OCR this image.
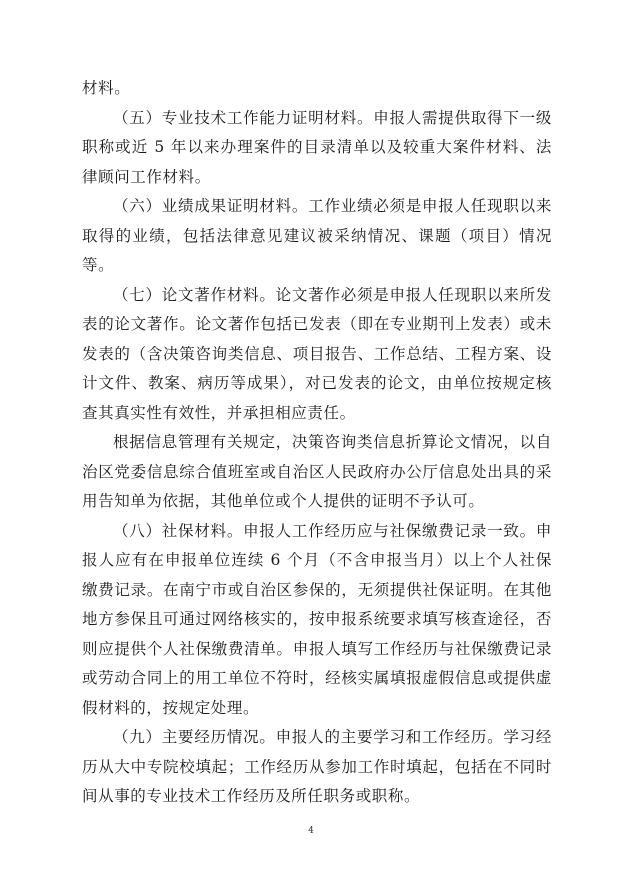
材料。

（五）专业技术工作能力证明材料。申报人需提供取得下一级职称或近 5 年以来办理案件的目录清单以及较重大案件材料、法律顾问工作材料。

（六）业绩成果证明材料。工作业绩必须是申报人任现职以来取得的业绩，包括法律意见建议被采纳情况、课题（项目）情况等。

（七）论文著作材料。论文著作必须是申报人任现职以来所发表的论文著作。论文著作包括已发表（即在专业期刊上发表）或未发表的（含决策咨询类信息、项目报告、工作总结、工程方案、设计文件、教案、病历等成果），对已发表的论文，由单位按规定核查其真实性有效性，并承担相应责任。

根据信息管理有关规定，决策咨询类信息折算论文情况，以自治区党委信息综合值班室或自治区人民政府办公厅信息处出具的采用告知单为依据，其他单位或个人提供的证明不予认可。

（八）社保材料。申报人工作经历应与社保缴费记录一致。申报人应有在申报单位连续 6 个月（不含申报当月）以上个人社保缴费记录。在南宁市或自治区参保的，无须提供社保证明。在其他地方参保且可通过网络核实的，按申报系统要求填写核查途径，否则应提供个人社保缴费清单。申报人填写工作经历与社保缴费记录或劳动合同上的用工单位不符时，经核实属填报虚假信息或提供虚假材料的，按规定处理。

（九）主要经历情况。申报人的主要学习和工作经历。学习经历从大中专院校填起；工作经历从参加工作时填起，包括在不同时间从事的专业技术工作经历及所任职务或职称。

4
